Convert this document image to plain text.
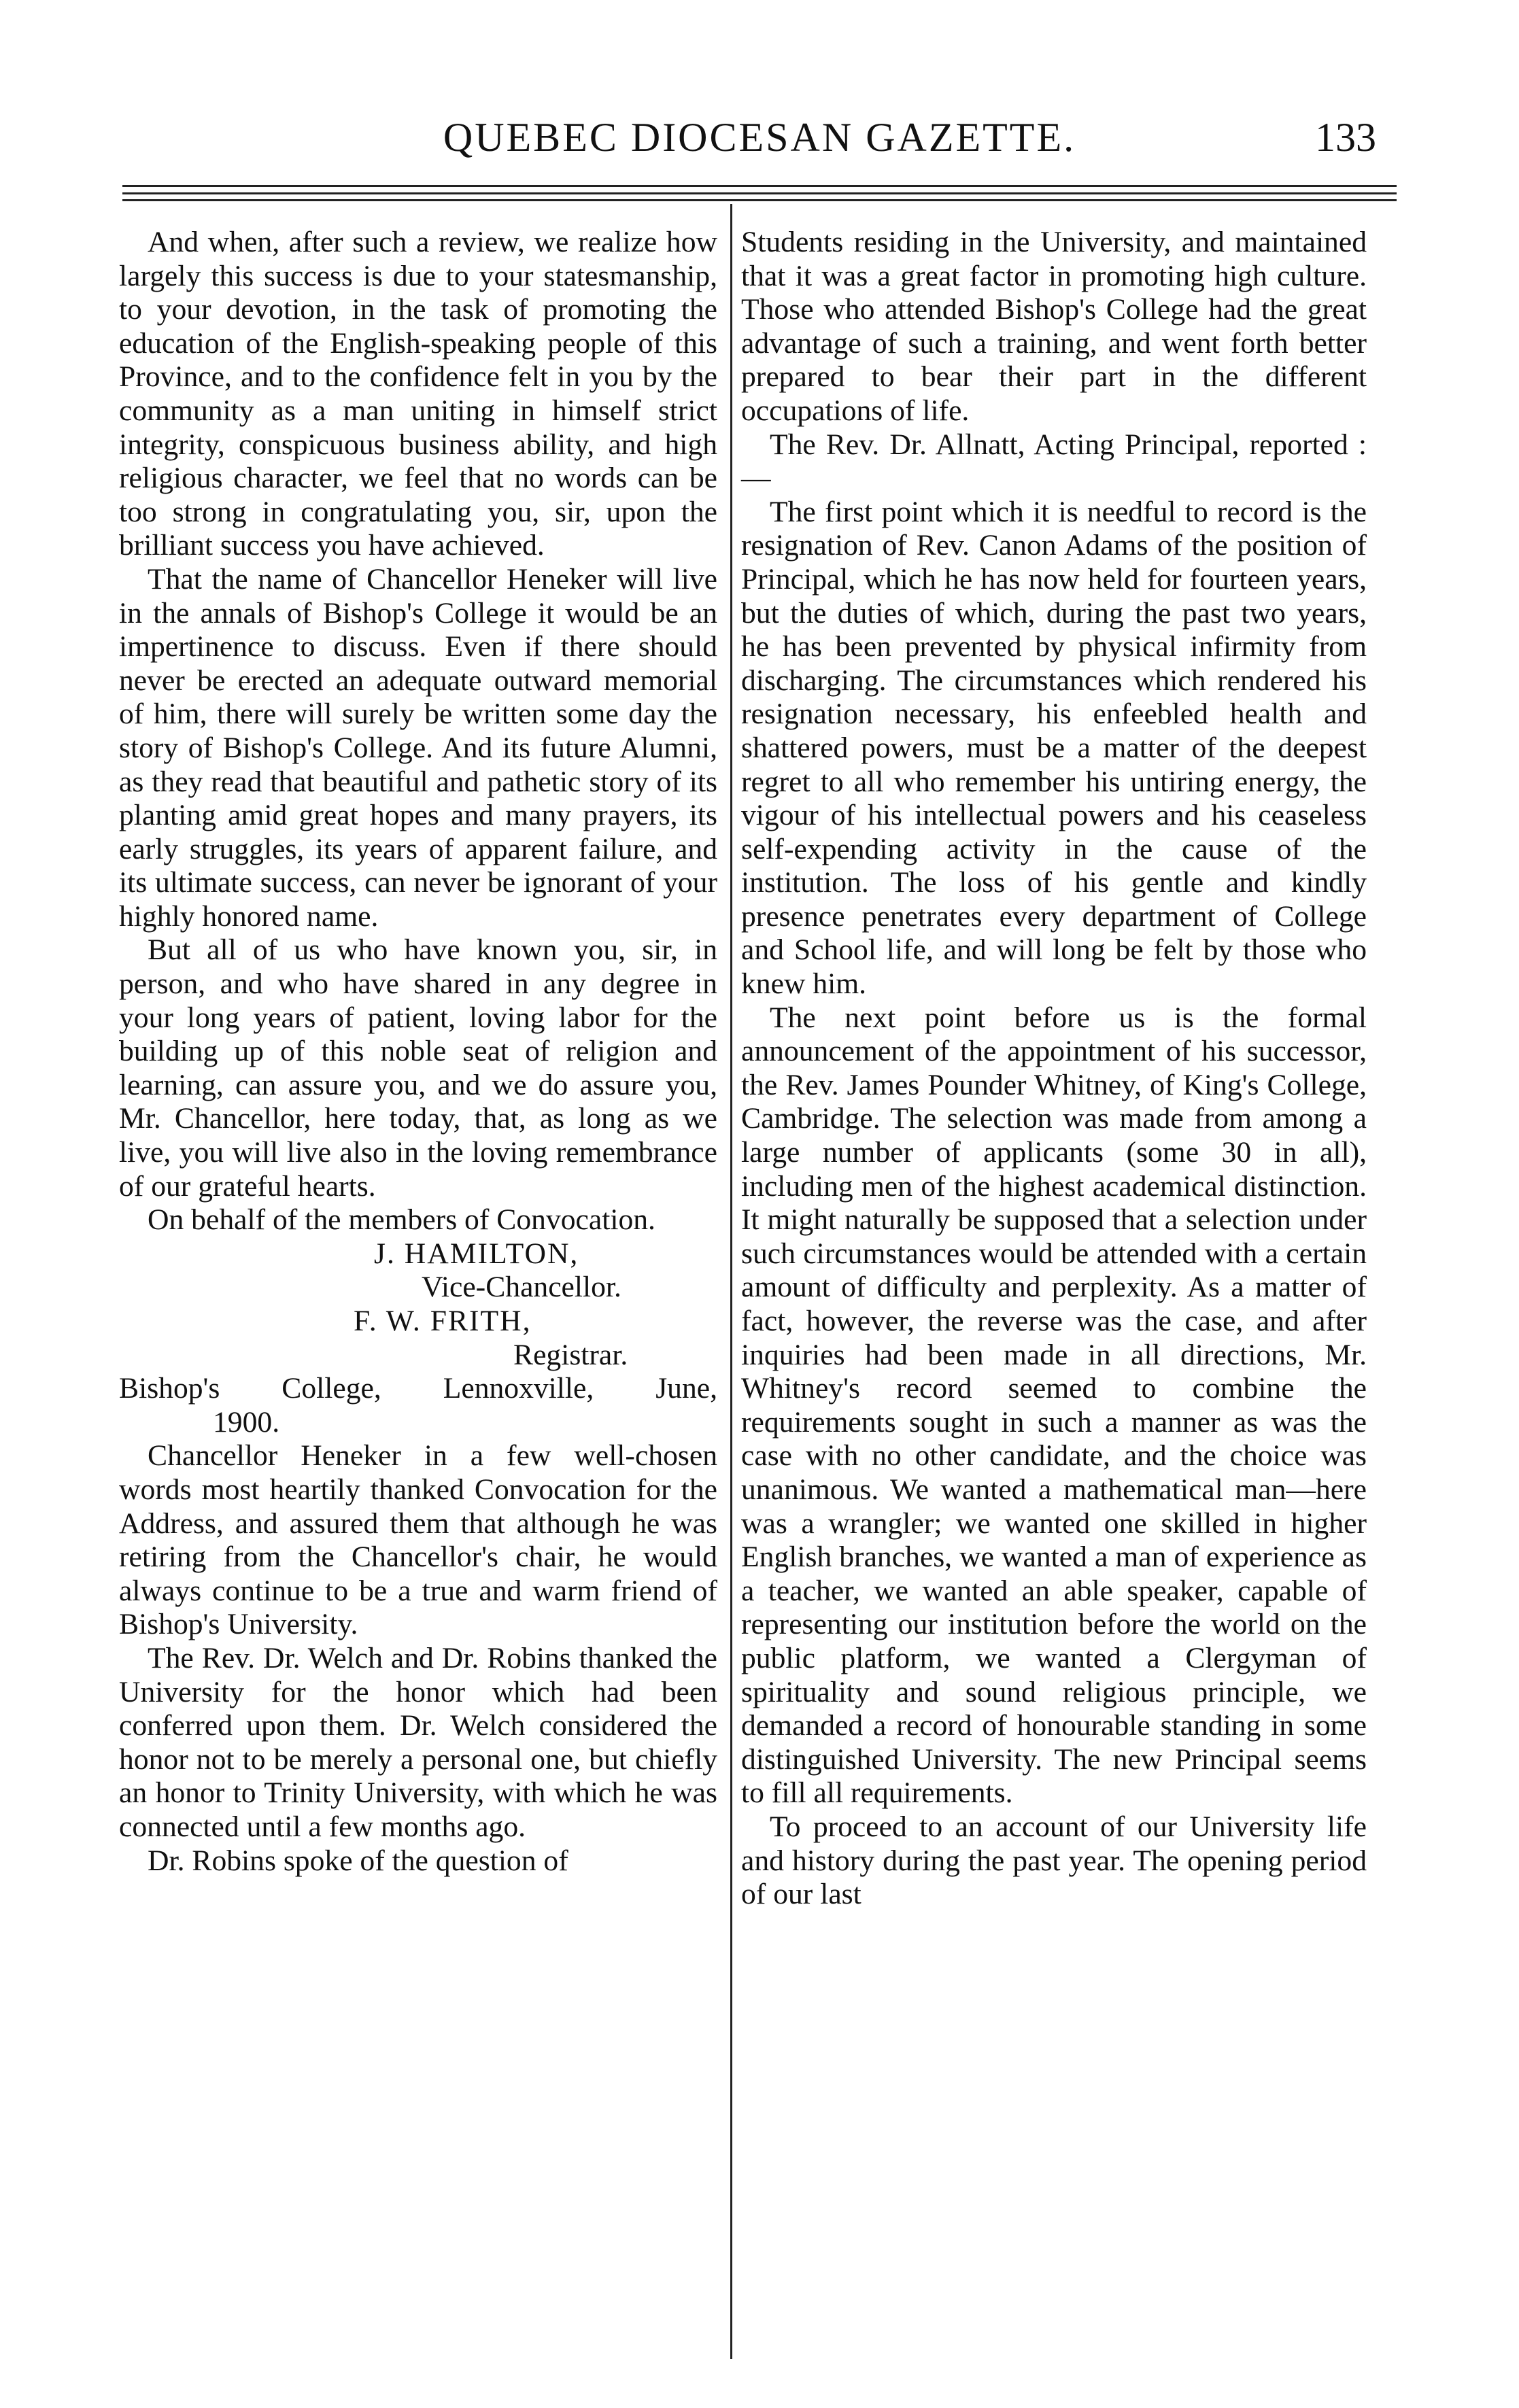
QUEBEC DIOCESAN GAZETTE.	133

And when, after such a review, we realize how largely this success is due to your statesmanship, to your devotion, in the task of promoting the education of the English-speaking people of this Province, and to the confidence felt in you by the community as a man uniting in himself strict integrity, conspicuous business ability, and high religious character, we feel that no words can be too strong in congratulating you, sir, upon the brilliant success you have achieved.

That the name of Chancellor Heneker will live in the annals of Bishop's College it would be an impertinence to discuss. Even if there should never be erected an adequate outward memorial of him, there will surely be written some day the story of Bishop's College. And its future Alumni, as they read that beautiful and pathetic story of its planting amid great hopes and many prayers, its early struggles, its years of apparent failure, and its ultimate success, can never be ignorant of your highly honored name.

But all of us who have known you, sir, in person, and who have shared in any degree in your long years of patient, loving labor for the building up of this noble seat of religion and learning, can assure you, and we do assure you, Mr. Chancellor, here today, that, as long as we live, you will live also in the loving remembrance of our grateful hearts.

On behalf of the members of Convocation.

J. HAMILTON,

Vice-Chancellor.

F. W. FRITH,

Registrar.

Bishop's College, Lennoxville, June,

1900.

Chancellor Heneker in a few well-chosen words most heartily thanked Convocation for the Address, and assured them that although he was retiring from the Chancellor's chair, he would always continue to be a true and warm friend of Bishop's University.

The Rev. Dr. Welch and Dr. Robins thanked the University for the honor which had been conferred upon them. Dr. Welch considered the honor not to be merely a personal one, but chiefly an honor to Trinity University, with which he was connected until a few months ago.

Dr. Robins spoke of the question of

Students residing in the University, and maintained that it was a great factor in promoting high culture. Those who attended Bishop's College had the great advantage of such a training, and went forth better prepared to bear their part in the different occupations of life.

The Rev. Dr. Allnatt, Acting Principal, reported :—

The first point which it is needful to record is the resignation of Rev. Canon Adams of the position of Principal, which he has now held for fourteen years, but the duties of which, during the past two years, he has been prevented by physical infirmity from discharging. The circumstances which rendered his resignation necessary, his enfeebled health and shattered powers, must be a matter of the deepest regret to all who remember his untiring energy, the vigour of his intellectual powers and his ceaseless self-expending activity in the cause of the institution. The loss of his gentle and kindly presence penetrates every department of College and School life, and will long be felt by those who knew him.

The next point before us is the formal announcement of the appointment of his successor, the Rev. James Pounder Whitney, of King's College, Cambridge. The selection was made from among a large number of applicants (some 30 in all), including men of the highest academical distinction. It might naturally be supposed that a selection under such circumstances would be attended with a certain amount of difficulty and perplexity. As a matter of fact, however, the reverse was the case, and after inquiries had been made in all directions, Mr. Whitney's record seemed to combine the requirements sought in such a manner as was the case with no other candidate, and the choice was unanimous. We wanted a mathematical man—here was a wrangler; we wanted one skilled in higher English branches, we wanted a man of experience as a teacher, we wanted an able speaker, capable of representing our institution before the world on the public platform, we wanted a Clergyman of spirituality and sound religious principle, we demanded a record of honourable standing in some distinguished University. The new Principal seems to fill all requirements.

To proceed to an account of our University life and history during the past year. The opening period of our last
